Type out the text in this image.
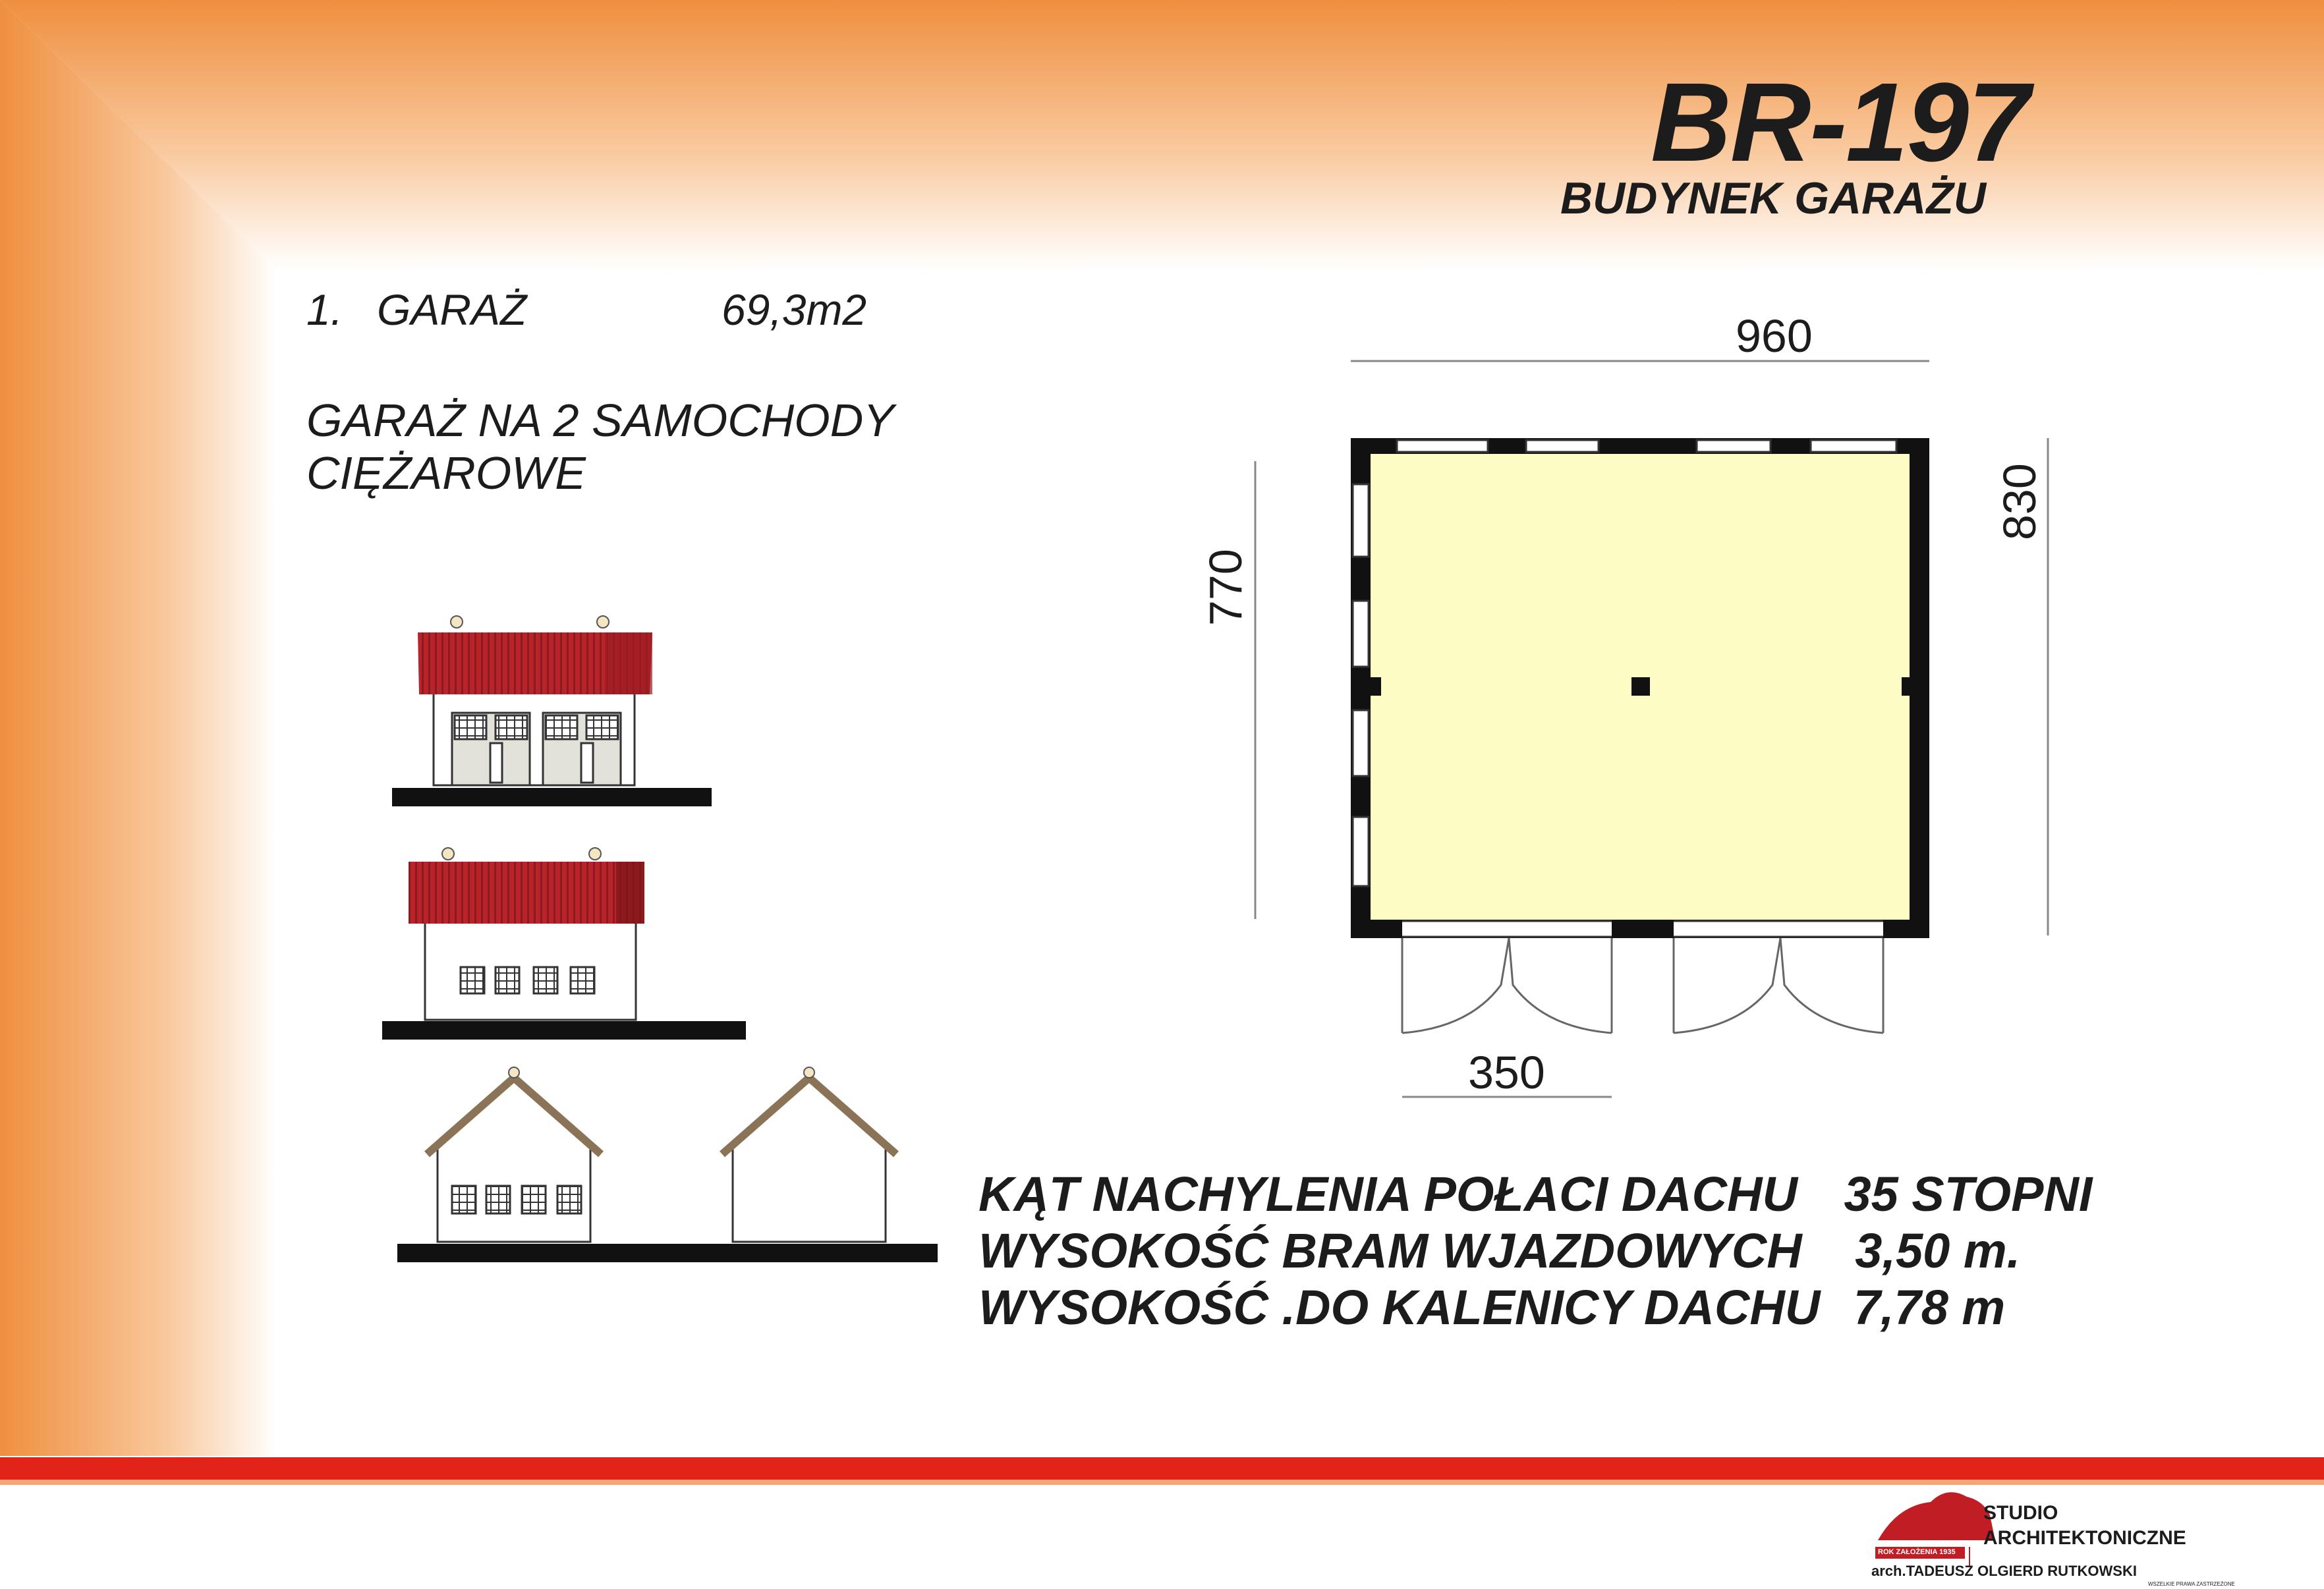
BR-197
BUDYNEK GARAŻU
1. GARAŻ	69,3m2
GARAŻ NA 2 SAMOCHODY
CIĘŻAROWE
960
350
770
830
KĄT NACHYLENIA POŁACI DACHU 35 STOPNI
WYSOKOŚĆ BRAM WJAZDOWYCH 3,50 m.
WYSOKOŚĆ .DO KALENICY DACHU 7,78 m
STUDIO
ARCHITEKTONICZNE
ROK ZAŁOŻENIA 1935
arch.TADEUSZ OLGIERD RUTKOWSKI
WSZELKIE PRAWA ZASTRZEŻONE
